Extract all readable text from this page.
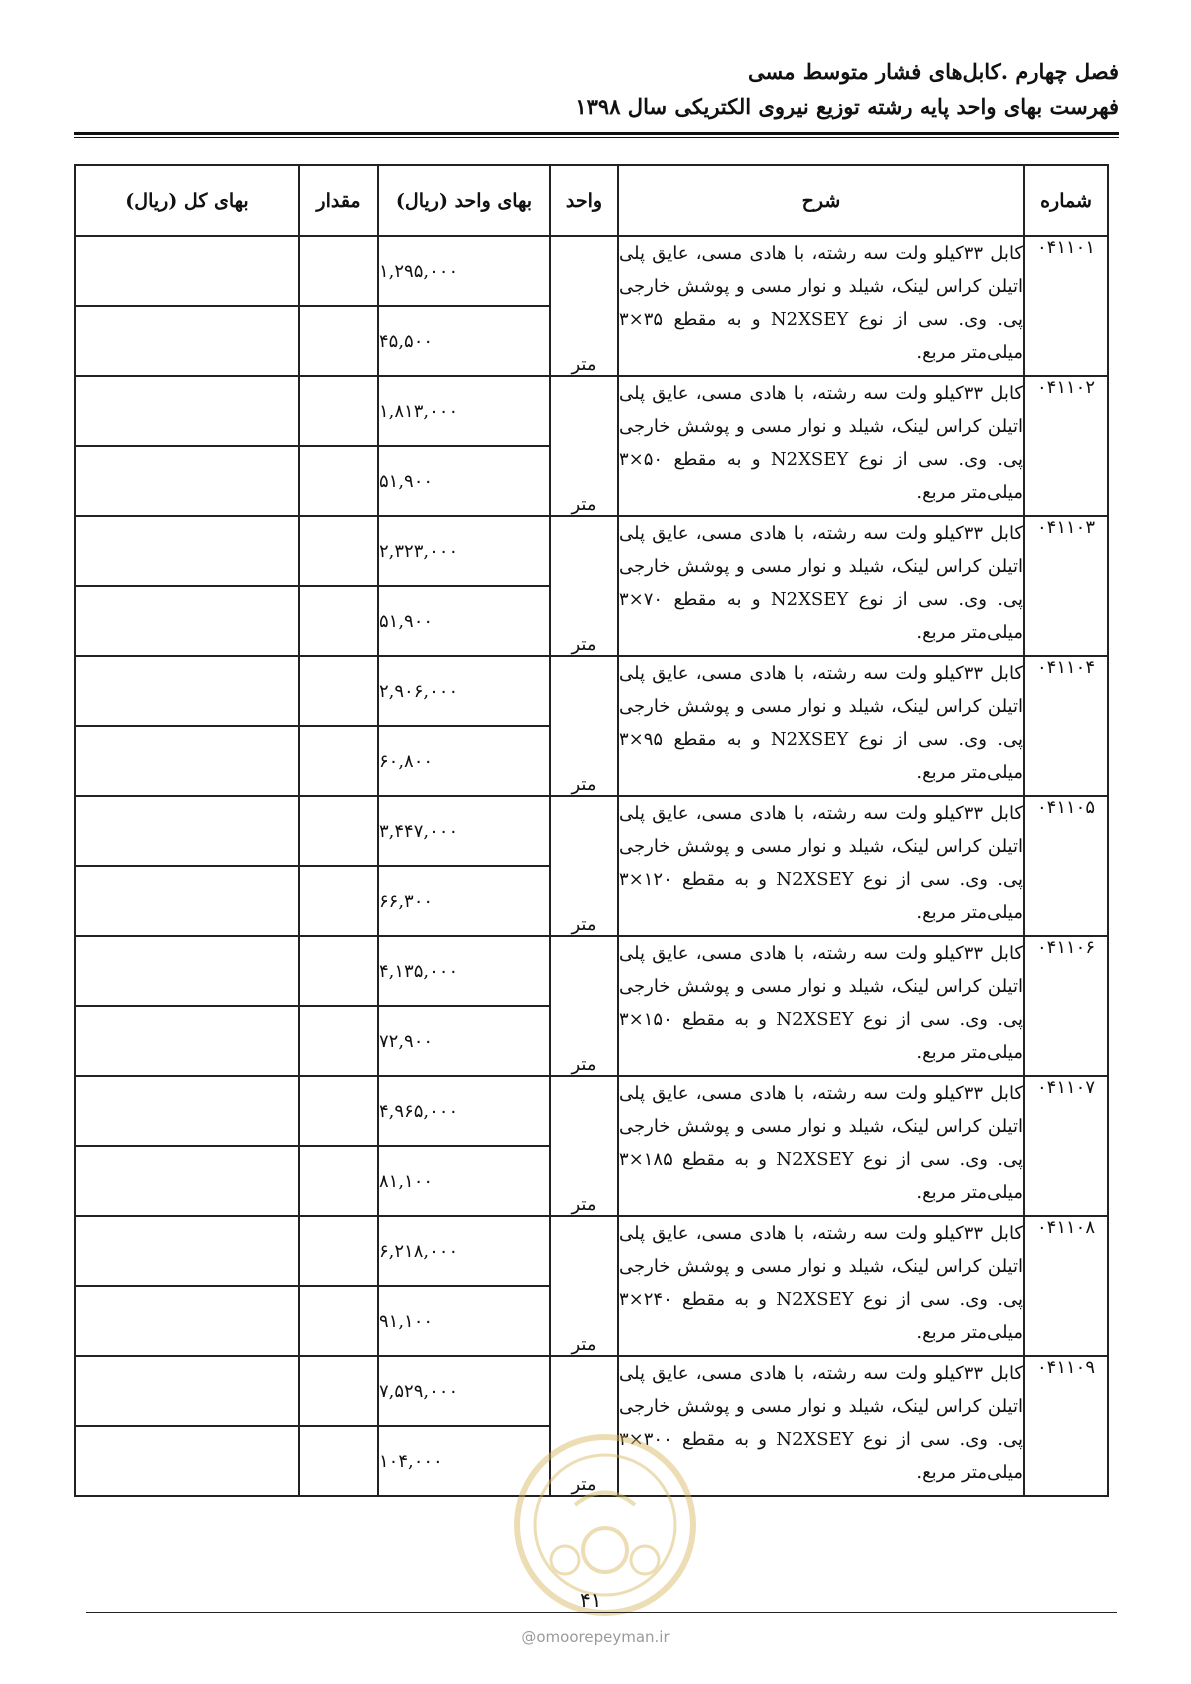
فصل چهارم .کابل‌های فشار متوسط مسی
فهرست بهای واحد پایه رشته توزیع نیروی الکتریکی سال ۱۳۹۸
شماره	شرح	واحد	بهای واحد (ریال)	مقدار	بهای کل (ریال)
۰۴۱۱۰۱	کابل ۳۳کیلو ولت سه رشته، با هادی مسی، عایق پلی اتیلن کراس لینک، شیلد و نوار مسی و پوشش خارجی پی. وی. سی از نوع N2XSEY و به مقطع ۳۵×۳ میلی‌متر مربع.	متر	۱,۲۹۵,۰۰۰		
			۴۵,۵۰۰		
۰۴۱۱۰۲	کابل ۳۳کیلو ولت سه رشته، با هادی مسی، عایق پلی اتیلن کراس لینک، شیلد و نوار مسی و پوشش خارجی پی. وی. سی از نوع N2XSEY و به مقطع ۵۰×۳ میلی‌متر مربع.	متر	۱,۸۱۳,۰۰۰		
			۵۱,۹۰۰		
۰۴۱۱۰۳	کابل ۳۳کیلو ولت سه رشته، با هادی مسی، عایق پلی اتیلن کراس لینک، شیلد و نوار مسی و پوشش خارجی پی. وی. سی از نوع N2XSEY و به مقطع ۷۰×۳ میلی‌متر مربع.	متر	۲,۳۲۳,۰۰۰		
			۵۱,۹۰۰		
۰۴۱۱۰۴	کابل ۳۳کیلو ولت سه رشته، با هادی مسی، عایق پلی اتیلن کراس لینک، شیلد و نوار مسی و پوشش خارجی پی. وی. سی از نوع N2XSEY و به مقطع ۹۵×۳ میلی‌متر مربع.	متر	۲,۹۰۶,۰۰۰		
			۶۰,۸۰۰		
۰۴۱۱۰۵	کابل ۳۳کیلو ولت سه رشته، با هادی مسی، عایق پلی اتیلن کراس لینک، شیلد و نوار مسی و پوشش خارجی پی. وی. سی از نوع N2XSEY و به مقطع ۱۲۰×۳ میلی‌متر مربع.	متر	۳,۴۴۷,۰۰۰		
			۶۶,۳۰۰		
۰۴۱۱۰۶	کابل ۳۳کیلو ولت سه رشته، با هادی مسی، عایق پلی اتیلن کراس لینک، شیلد و نوار مسی و پوشش خارجی پی. وی. سی از نوع N2XSEY و به مقطع ۱۵۰×۳ میلی‌متر مربع.	متر	۴,۱۳۵,۰۰۰		
			۷۲,۹۰۰		
۰۴۱۱۰۷	کابل ۳۳کیلو ولت سه رشته، با هادی مسی، عایق پلی اتیلن کراس لینک، شیلد و نوار مسی و پوشش خارجی پی. وی. سی از نوع N2XSEY و به مقطع ۱۸۵×۳ میلی‌متر مربع.	متر	۴,۹۶۵,۰۰۰		
			۸۱,۱۰۰		
۰۴۱۱۰۸	کابل ۳۳کیلو ولت سه رشته، با هادی مسی، عایق پلی اتیلن کراس لینک، شیلد و نوار مسی و پوشش خارجی پی. وی. سی از نوع N2XSEY و به مقطع ۲۴۰×۳ میلی‌متر مربع.	متر	۶,۲۱۸,۰۰۰		
			۹۱,۱۰۰		
۰۴۱۱۰۹	کابل ۳۳کیلو ولت سه رشته، با هادی مسی، عایق پلی اتیلن کراس لینک، شیلد و نوار مسی و پوشش خارجی پی. وی. سی از نوع N2XSEY و به مقطع ۳۰۰×۳ میلی‌متر مربع.	متر	۷,۵۲۹,۰۰۰		
			۱۰۴,۰۰۰		
۴۱
@omoorepeyman.ir
